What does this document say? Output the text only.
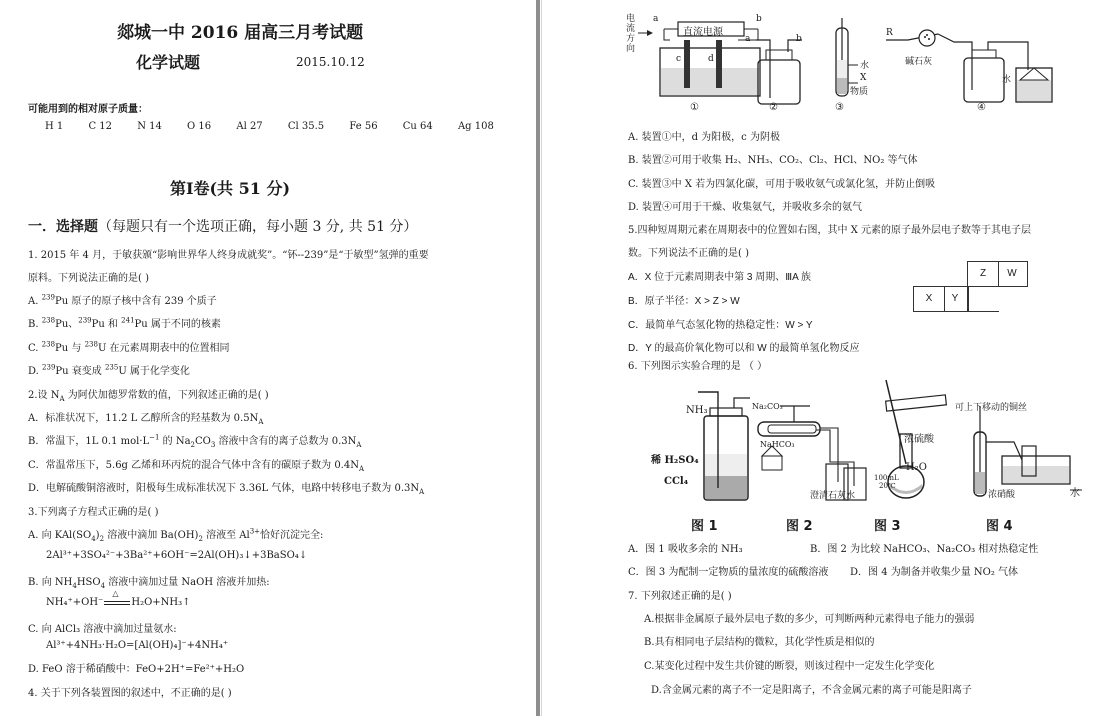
郯城一中 2016 届高三月考试题
化学试题	2015.10.12
可能用到的相对原子质量：
H 1	C 12	N 14	O 16	Al 27	Cl 35.5	Fe 56	Cu 64	Ag 108
第Ⅰ卷(共 51 分)
一．选择题（每题只有一个选项正确，每小题 3 分, 共 51 分）
1. 2015 年 4 月，于敏获颁“影响世界华人终身成就奖”。“钚--239”是“于敏型”氢弹的重要
原料。下列说法正确的是( )
A. $^{239}$Pu 原子的原子核中含有 239 个质子
B. $^{238}$Pu、$^{239}$Pu 和 $^{241}$Pu 属于不同的核素
C. $^{238}$Pu 与 $^{238}$U 在元素周期表中的位置相同
D. $^{239}$Pu 衰变成 $^{235}$U 属于化学变化
2.设 $N_A$ 为阿伏加德罗常数的值，下列叙述正确的是( )
A．标准状况下，11.2 L 乙醇所含的羟基数为 $0.5N_A$
B．常温下，1L 0.1 $mol\cdot L^{-1}$ 的 $Na_2CO_3$ 溶液中含有的离子总数为 $0.3N_A$
C．常温常压下，5.6g 乙烯和环丙烷的混合气体中含有的碳原子数为 $0.4N_A$
D．电解硫酸铜溶液时，阳极每生成标准状况下 3.36L 气体，电路中转移电子数为 $0.3N_A$
3.下列离子方程式正确的是( )
A. 向 $KAl(SO_4)_2$ 溶液中滴加 $Ba(OH)_2$ 溶液至 $Al^{3+}$恰好沉淀完全:
2Al³⁺+3SO₄²⁻+3Ba²⁺+6OH⁻=2Al(OH)₃↓+3BaSO₄↓
B. 向 $NH_4HSO_4$ 溶液中滴加过量 NaOH 溶液并加热:
NH₄⁺+OH⁻
△
H₂O+NH₃↑
C. 向 AlCl₃ 溶液中滴加过量氨水:
Al³⁺+4NH₃·H₂O=[Al(OH)₄]⁻+4NH₄⁺
D. FeO 溶于稀硝酸中：FeO+2H⁺=Fe²⁺+H₂O
4. 关于下列各装置图的叙述中，不正确的是( )
电
流
方
向
a
直流电源
b
c	d
a	b
水
X
物质
R
碱石灰
水
①	②	③	④
A. 装置①中，d 为阳极，c 为阴极
B. 装置②可用于收集 H₂、NH₃、CO₂、Cl₂、HCl、NO₂ 等气体
C. 装置③中 X 若为四氯化碳，可用于吸收氨气或氯化氢，并防止倒吸
D. 装置④可用于干燥、收集氨气，并吸收多余的氨气
5.四种短周期元素在周期表中的位置如右图，其中 X 元素的原子最外层电子数等于其电子层
数。下列说法不正确的是( )
A．X 位于元素周期表中第 3 周期、ⅢA 族
B．原子半径：X > Z > W
C．最简单气态氢化物的热稳定性：W > Y
D．Y 的最高价氧化物可以和 W 的最简单氢化物反应
Z	W
X	Y
6. 下列图示实验合理的是 （ ）
NH₃
稀 H₂SO₄
CCl₄
Na₂CO₃
NaHCO₃
澄清石灰水
浓硫酸
H₂O
100mL
20℃
可上下移动的铜丝
浓硝酸	水
图 1	图 2	图 3	图 4
A．图 1 吸收多余的 NH₃	B．图 2 为比较 NaHCO₃、Na₂CO₃ 相对热稳定性
C．图 3 为配制一定物质的量浓度的硫酸溶液 D．图 4 为制备并收集少量 NO₂ 气体
7. 下列叙述正确的是( )
A.根据非金属原子最外层电子数的多少，可判断两种元素得电子能力的强弱
B.具有相同电子层结构的微粒，其化学性质是相似的
C.某变化过程中发生共价键的断裂，则该过程中一定发生化学变化
D.含金属元素的离子不一定是阳离子，不含金属元素的离子可能是阳离子
